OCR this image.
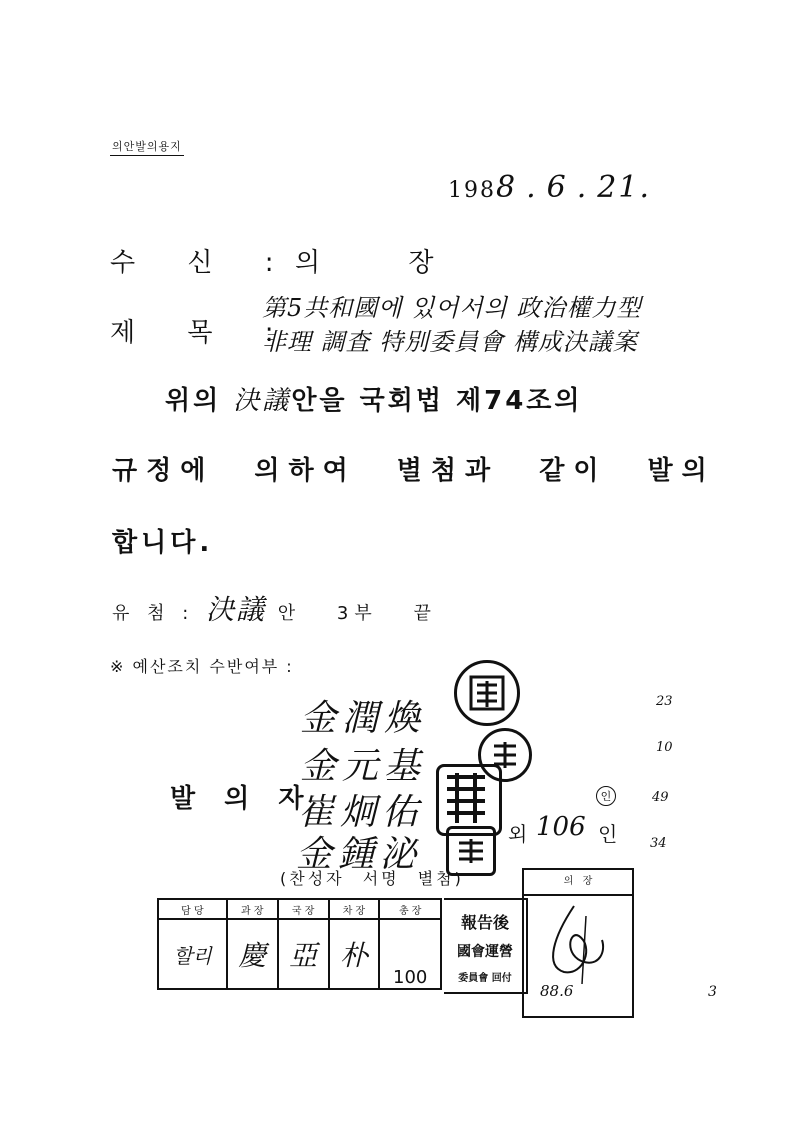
의안발의용지
1988 . 6 . 21.
수 신 : 의 장
제 목 :
第5共和國에 있어서의 政治權力型
非理 調査 特別委員會 構成決議案
위의 決議안을 국회법 제74조의
규정에 의하여 별첨과 같이 발의
합니다.
유 첨 : 決議 안 3부 끝
※ 예산조치 수반여부 :
발 의 자
金潤煥
金元基
崔炯佑
金鍾泌
인
외 106 인
(찬성자 서명 별첨)
23
10
49
34
담 당	과 장	국 장	차 장	총 장
할리	慶	亞	朴	100
報告後
國會運營
委員會 回付
의   장
88.6	3
